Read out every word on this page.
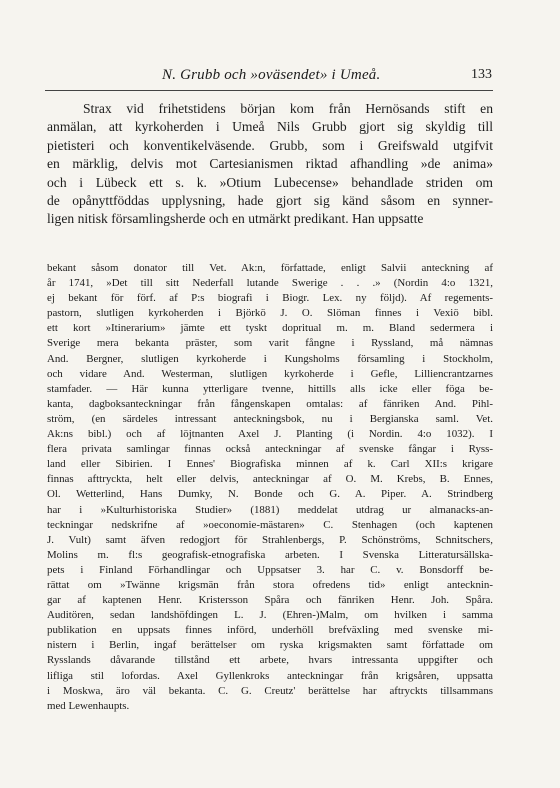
N. Grubb och »oväsendet» i Umeå.	133
Strax vid frihetstidens början kom från Hernösands stift en
anmälan, att kyrkoherden i Umeå Nils Grubb gjort sig skyldig till
pietisteri och konventikelväsende. Grubb, som i Greifswald utgifvit
en märklig, delvis mot Cartesianismen riktad afhandling »de anima»
och i Lübeck ett s. k. »Otium Lubecense» behandlade striden om
de opånyttföddas upplysning, hade gjort sig känd såsom en synner-
ligen nitisk församlingsherde och en utmärkt predikant. Han uppsatte
bekant såsom donator till Vet. Ak:n, författade, enligt Salvii anteckning af
år 1741, »Det till sitt Nederfall lutande Swerige . . .» (Nordin 4:o 1321,
ej bekant för förf. af P:s biografi i Biogr. Lex. ny följd). Af regements-
pastorn, slutligen kyrkoherden i Björkö J. O. Slöman finnes i Vexiö bibl.
ett kort »Itinerarium» jämte ett tyskt dopritual m. m. Bland sedermera i
Sverige mera bekanta präster, som varit fångne i Ryssland, må nämnas
And. Bergner, slutligen kyrkoherde i Kungsholms församling i Stockholm,
och vidare And. Westerman, slutligen kyrkoherde i Gefle, Lilliencrantzarnes
stamfader. — Här kunna ytterligare tvenne, hittills alls icke eller föga be-
kanta, dagboksanteckningar från fångenskapen omtalas: af fänriken And. Pihl-
ström, (en särdeles intressant anteckningsbok, nu i Bergianska saml. Vet.
Ak:ns bibl.) och af löjtnanten Axel J. Planting (i Nordin. 4:o 1032). I
flera privata samlingar finnas också anteckningar af svenske fångar i Ryss-
land eller Sibirien. I Ennes' Biografiska minnen af k. Carl XII:s krigare
finnas afttryckta, helt eller delvis, anteckningar af O. M. Krebs, B. Ennes,
Ol. Wetterlind, Hans Dumky, N. Bonde och G. A. Piper. A. Strindberg
har i »Kulturhistoriska Studier» (1881) meddelat utdrag ur almanacks-an-
teckningar nedskrifne af »oeconomie-mästaren» C. Stenhagen (och kaptenen
J. Vult) samt äfven redogjort för Strahlenbergs, P. Schönströms, Schnitschers,
Molins m. fl:s geografisk-etnografiska arbeten. I Svenska Litteratursällska-
pets i Finland Förhandlingar och Uppsatser 3. har C. v. Bonsdorff be-
rättat om »Twänne krigsmän från stora ofredens tid» enligt antecknin-
gar af kaptenen Henr. Kristersson Spåra och fänriken Henr. Joh. Spåra.
Auditören, sedan landshöfdingen L. J. (Ehren-)Malm, om hvilken i samma
publikation en uppsats finnes införd, underhöll brefväxling med svenske mi-
nistern i Berlin, ingaf berättelser om ryska krigsmakten samt författade om
Rysslands dåvarande tillstånd ett arbete, hvars intressanta uppgifter och
lifliga stil lofordas. Axel Gyllenkroks anteckningar från krigsåren, uppsatta
i Moskwa, äro väl bekanta. C. G. Creutz' berättelse har aftryckts tillsammans
med Lewenhaupts.
